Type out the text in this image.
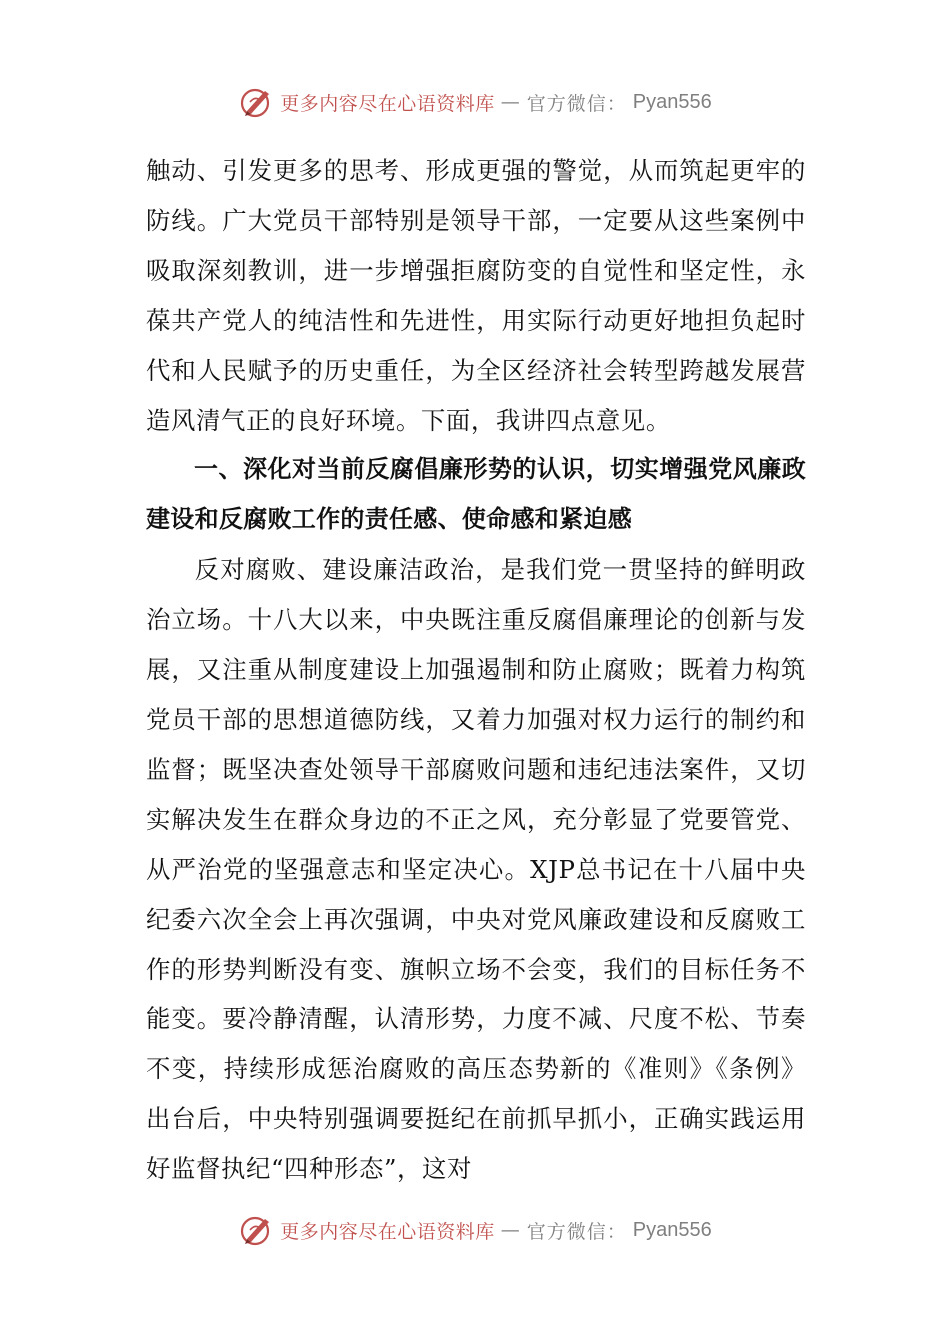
更多内容尽在心语资料库 — 官方微信： Pyan556

触动、引发更多的思考、形成更强的警觉，从而筑起更牢的防线。广大党员干部特别是领导干部，一定要从这些案例中吸取深刻教训，进一步增强拒腐防变的自觉性和坚定性，永葆共产党人的纯洁性和先进性，用实际行动更好地担负起时代和人民赋予的历史重任，为全区经济社会转型跨越发展营造风清气正的良好环境。下面，我讲四点意见。

一、深化对当前反腐倡廉形势的认识，切实增强党风廉政建设和反腐败工作的责任感、使命感和紧迫感

反对腐败、建设廉洁政治，是我们党一贯坚持的鲜明政治立场。十八大以来，中央既注重反腐倡廉理论的创新与发展，又注重从制度建设上加强遏制和防止腐败；既着力构筑党员干部的思想道德防线，又着力加强对权力运行的制约和监督；既坚决查处领导干部腐败问题和违纪违法案件，又切实解决发生在群众身边的不正之风，充分彰显了党要管党、从严治党的坚强意志和坚定决心。XJP总书记在十八届中央纪委六次全会上再次强调，中央对党风廉政建设和反腐败工作的形势判断没有变、旗帜立场不会变，我们的目标任务不能变。要冷静清醒，认清形势，力度不减、尺度不松、节奏不变，持续形成惩治腐败的高压态势新的《准则》《条例》出台后，中央特别强调要挺纪在前抓早抓小，正确实践运用好监督执纪“四种形态”，这对

更多内容尽在心语资料库 — 官方微信： Pyan556
